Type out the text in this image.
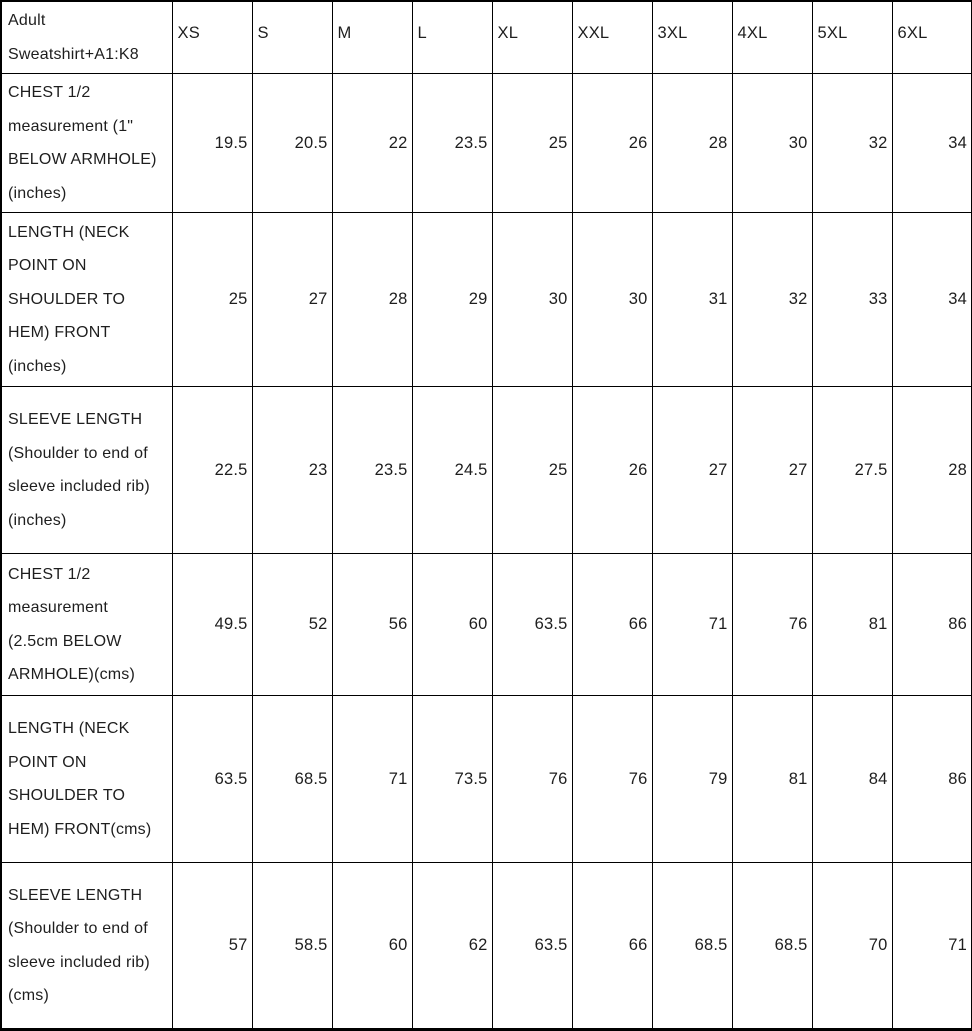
Adult Sweatshirt+A1:K8	XS	S	M	L	XL	XXL	3XL	4XL	5XL	6XL
CHEST 1/2 measurement (1" BELOW ARMHOLE) (inches)	19.5	20.5	22	23.5	25	26	28	30	32	34
LENGTH (NECK POINT ON SHOULDER TO HEM) FRONT (inches)	25	27	28	29	30	30	31	32	33	34
SLEEVE LENGTH (Shoulder to end of sleeve included rib) (inches)	22.5	23	23.5	24.5	25	26	27	27	27.5	28
CHEST 1/2 measurement (2.5cm BELOW ARMHOLE)(cms)	49.5	52	56	60	63.5	66	71	76	81	86
LENGTH (NECK POINT ON SHOULDER TO HEM) FRONT(cms)	63.5	68.5	71	73.5	76	76	79	81	84	86
SLEEVE LENGTH (Shoulder to end of sleeve included rib) (cms)	57	58.5	60	62	63.5	66	68.5	68.5	70	71
